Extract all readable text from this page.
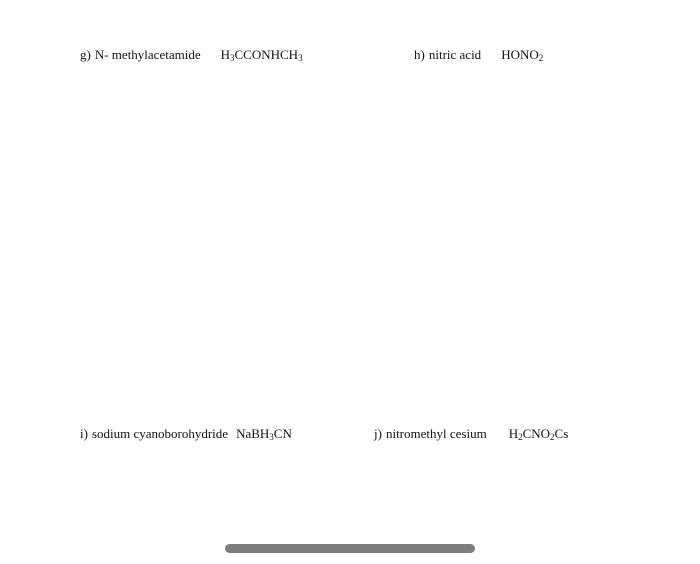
g) N- methylacetamide $H_3CCONHCH_3$	h) nitric acid $HONO_2$
i) sodium cyanoborohydride NaBH$_3$CN	j) nitromethyl cesium $H_2CNO_2Cs$
